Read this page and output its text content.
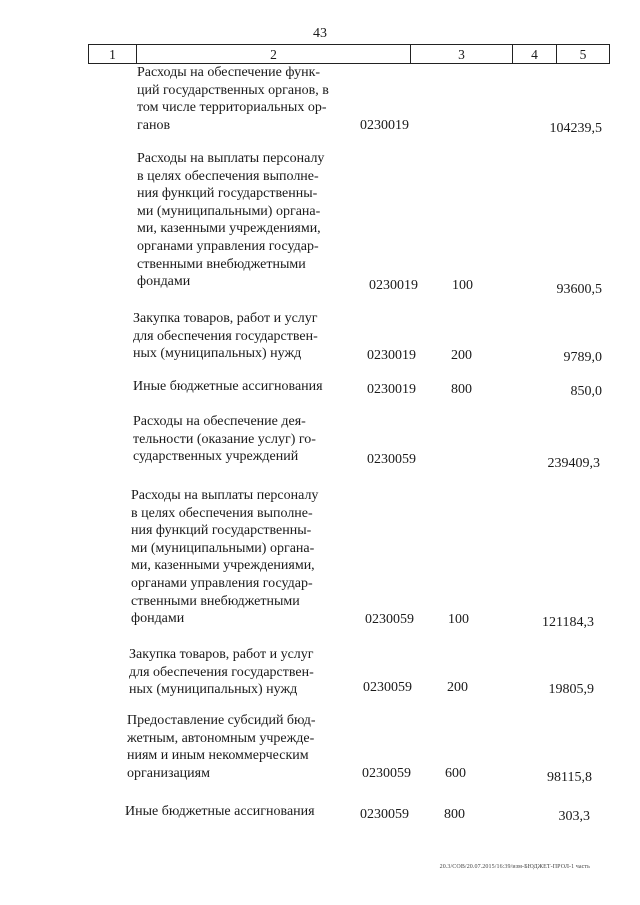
43
1	2	3	4	5
Расходы на обеспечение функ-
ций государственных органов, в
том числе территориальных ор-
ганов	0230019	104239,5
Расходы на выплаты персоналу
в целях обеспечения выполне-
ния функций государственны-
ми (муниципальными) органа-
ми, казенными учреждениями,
органами управления государ-
ственными внебюджетными
фондами	0230019 100	93600,5
Закупка товаров, работ и услуг
для обеспечения государствен-
ных (муниципальных) нужд	0230019	200	9789,0
Иные бюджетные ассигнования	0230019	800	850,0
Расходы на обеспечение дея-
тельности (оказание услуг) го-
сударственных учреждений	0230059	239409,3
Расходы на выплаты персоналу
в целях обеспечения выполне-
ния функций государственны-
ми (муниципальными) органа-
ми, казенными учреждениями,
органами управления государ-
ственными внебюджетными
фондами	0230059 100	121184,3
Закупка товаров, работ и услуг
для обеспечения государствен-
ных (муниципальных) нужд	0230059	200	19805,9
Предоставление субсидий бюд-
жетным, автономным учрежде-
ниям и иным некоммерческим
организациям	0230059 600	98115,8
Иные бюджетные ассигнования	0230059	800	303,3
20.3/СОВ/20.07.2015/16:39/изм-БЮДЖЕТ-ПРОЛ-1 часть
